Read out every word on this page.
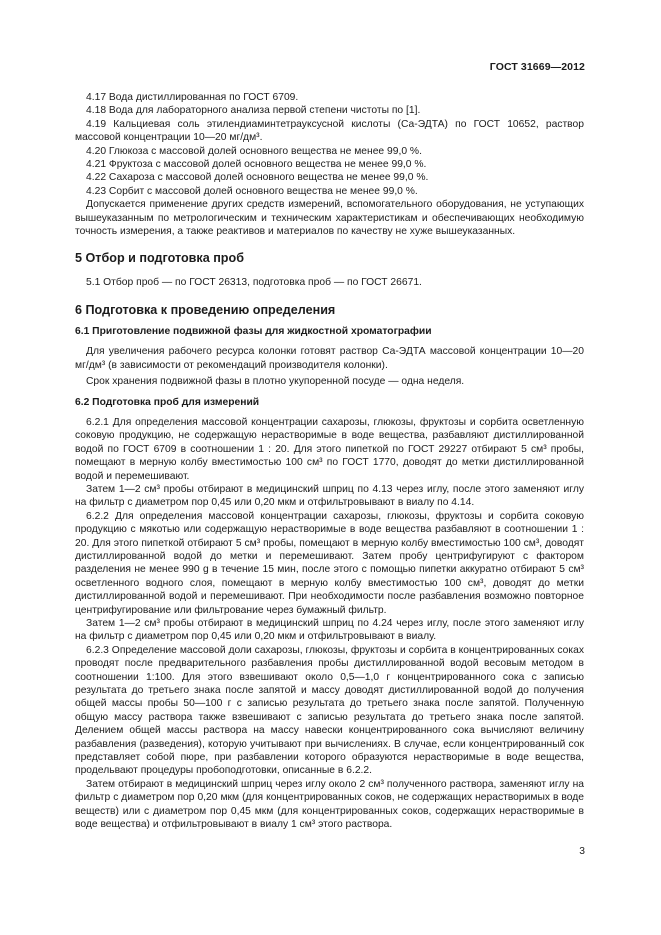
ГОСТ 31669—2012

4.17 Вода дистиллированная по ГОСТ 6709.

4.18 Вода для лабораторного анализа первой степени чистоты по [1].

4.19 Кальциевая соль этилендиаминтетрауксусной кислоты (Са-ЭДТА) по ГОСТ 10652, раствор массовой концентрации 10—20 мг/дм³.

4.20 Глюкоза с массовой долей основного вещества не менее 99,0 %.

4.21 Фруктоза с массовой долей основного вещества не менее 99,0 %.

4.22 Сахароза с массовой долей основного вещества не менее 99,0 %.

4.23 Сорбит с массовой долей основного вещества не менее 99,0 %.

Допускается применение других средств измерений, вспомогательного оборудования, не уступающих вышеуказанным по метрологическим и техническим характеристикам и обеспечивающих необходимую точность измерения, а также реактивов и материалов по качеству не хуже вышеуказанных.

5 Отбор и подготовка проб

5.1 Отбор проб — по ГОСТ 26313, подготовка проб — по ГОСТ 26671.

6 Подготовка к проведению определения
6.1 Приготовление подвижной фазы для жидкостной хроматографии

Для увеличения рабочего ресурса колонки готовят раствор Са-ЭДТА массовой концентрации 10—20 мг/дм³ (в зависимости от рекомендаций производителя колонки).

Срок хранения подвижной фазы в плотно укупоренной посуде — одна неделя.

6.2 Подготовка проб для измерений

6.2.1 Для определения массовой концентрации сахарозы, глюкозы, фруктозы и сорбита осветленную соковую продукцию, не содержащую нерастворимые в воде вещества, разбавляют дистиллированной водой по ГОСТ 6709 в соотношении 1 : 20. Для этого пипеткой по ГОСТ 29227 отбирают 5 см³ пробы, помещают в мерную колбу вместимостью 100 см³ по ГОСТ 1770, доводят до метки дистиллированной водой и перемешивают.

Затем 1—2 см³ пробы отбирают в медицинский шприц по 4.13 через иглу, после этого заменяют иглу на фильтр с диаметром пор 0,45 или 0,20 мкм и отфильтровывают в виалу по 4.14.

6.2.2 Для определения массовой концентрации сахарозы, глюкозы, фруктозы и сорбита соковую продукцию с мякотью или содержащую нерастворимые в воде вещества разбавляют в соотношении 1 : 20. Для этого пипеткой отбирают 5 см³ пробы, помещают в мерную колбу вместимостью 100 см³, доводят дистиллированной водой до метки и перемешивают. Затем пробу центрифугируют с фактором разделения не менее 990 g в течение 15 мин, после этого с помощью пипетки аккуратно отбирают 5 см³ осветленного водного слоя, помещают в мерную колбу вместимостью 100 см³, доводят до метки дистиллированной водой и перемешивают. При необходимости после разбавления возможно повторное центрифугирование или фильтрование через бумажный фильтр.

Затем 1—2 см³ пробы отбирают в медицинский шприц по 4.24 через иглу, после этого заменяют иглу на фильтр с диаметром пор 0,45 или 0,20 мкм и отфильтровывают в виалу.

6.2.3 Определение массовой доли сахарозы, глюкозы, фруктозы и сорбита в концентрированных соках проводят после предварительного разбавления пробы дистиллированной водой весовым методом в соотношении 1:100. Для этого взвешивают около 0,5—1,0 г концентрированного сока с записью результата до третьего знака после запятой и массу доводят дистиллированной водой до получения общей массы пробы 50—100 г с записью результата до третьего знака после запятой. Полученную общую массу раствора также взвешивают с записью результата до третьего знака после запятой. Делением общей массы раствора на массу навески концентрированного сока вычисляют величину разбавления (разведения), которую учитывают при вычислениях. В случае, если концентрированный сок представляет собой пюре, при разбавлении которого образуются нерастворимые в воде вещества, продельвают процедуры пробоподготовки, описанные в 6.2.2.

Затем отбирают в медицинский шприц через иглу около 2 см³ полученного раствора, заменяют иглу на фильтр с диаметром пор 0,20 мкм (для концентрированных соков, не содержащих нерастворимых в воде веществ) или с диаметром пор 0,45 мкм (для концентрированных соков, содержащих нерастворимые в воде вещества) и отфильтровывают в виалу 1 см³ этого раствора.

3
